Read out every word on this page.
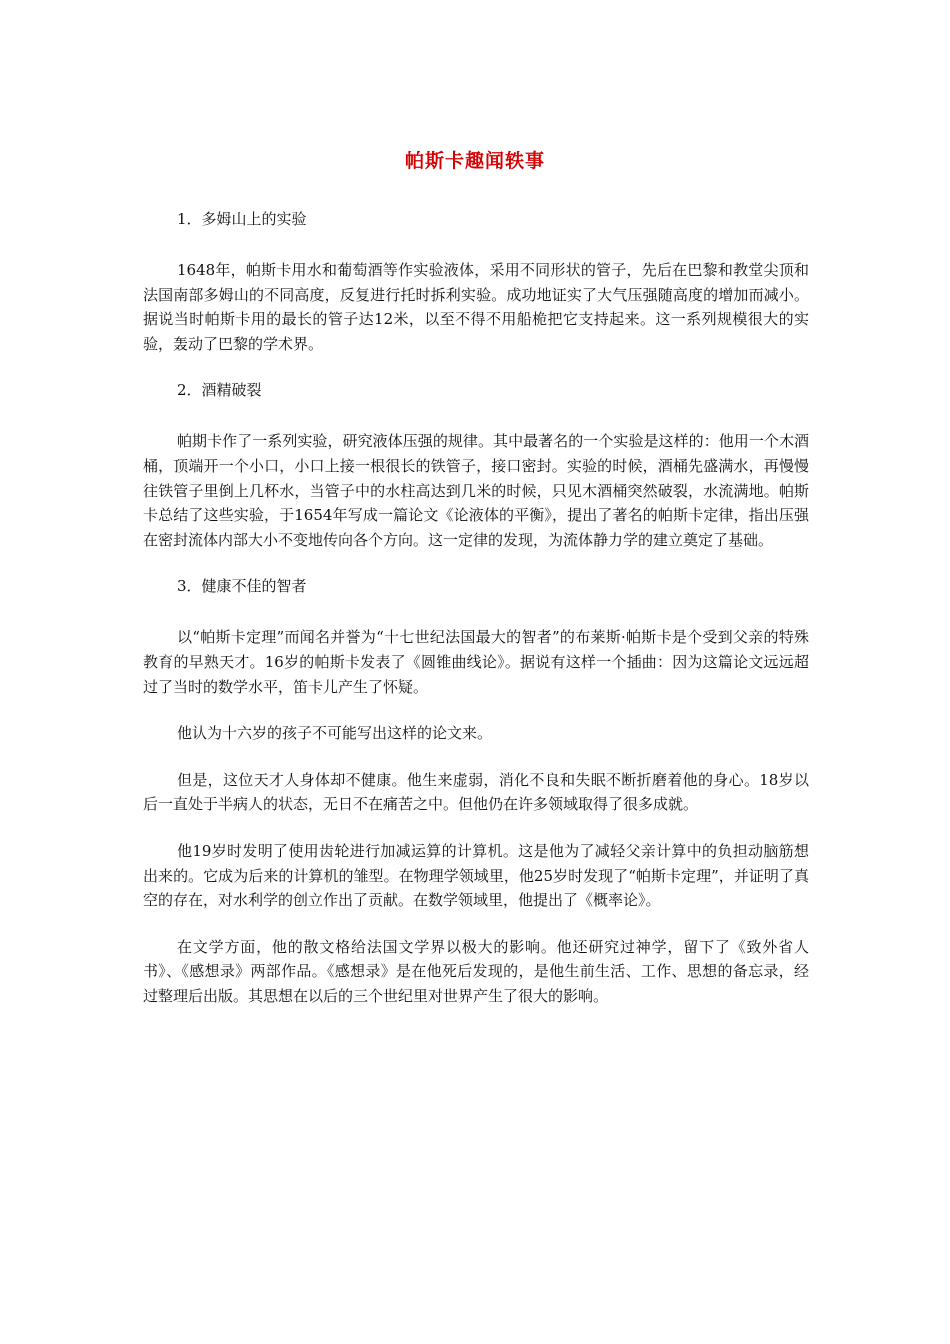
帕斯卡趣闻轶事
1．多姆山上的实验

1648年，帕斯卡用水和葡萄酒等作实验液体，采用不同形状的管子，先后在巴黎和教堂尖顶和法国南部多姆山的不同高度，反复进行托时拆利实验。成功地证实了大气压强随高度的增加而减小。据说当时帕斯卡用的最长的管子达12米，以至不得不用船桅把它支持起来。这一系列规模很大的实验，轰动了巴黎的学术界。

2．酒精破裂

帕期卡作了一系列实验，研究液体压强的规律。其中最著名的一个实验是这样的：他用一个木酒桶，顶端开一个小口，小口上接一根很长的铁管子，接口密封。实验的时候，酒桶先盛满水，再慢慢往铁管子里倒上几杯水，当管子中的水柱高达到几米的时候，只见木酒桶突然破裂，水流满地。帕斯卡总结了这些实验，于1654年写成一篇论文《论液体的平衡》，提出了著名的帕斯卡定律，指出压强在密封流体内部大小不变地传向各个方向。这一定律的发现，为流体静力学的建立奠定了基础。

3．健康不佳的智者

以“帕斯卡定理”而闻名并誉为“十七世纪法国最大的智者”的布莱斯·帕斯卡是个受到父亲的特殊教育的早熟天才。16岁的帕斯卡发表了《圆锥曲线论》。据说有这样一个插曲：因为这篇论文远远超过了当时的数学水平，笛卡儿产生了怀疑。

他认为十六岁的孩子不可能写出这样的论文来。

但是，这位天才人身体却不健康。他生来虚弱，消化不良和失眠不断折磨着他的身心。18岁以后一直处于半病人的状态，无日不在痛苦之中。但他仍在许多领域取得了很多成就。

他19岁时发明了使用齿轮进行加减运算的计算机。这是他为了减轻父亲计算中的负担动脑筋想出来的。它成为后来的计算机的雏型。在物理学领域里，他25岁时发现了“帕斯卡定理”，并证明了真空的存在，对水利学的创立作出了贡献。在数学领域里，他提出了《概率论》。

在文学方面，他的散文格给法国文学界以极大的影响。他还研究过神学，留下了《致外省人书》、《感想录》两部作品。《感想录》是在他死后发现的，是他生前生活、工作、思想的备忘录，经过整理后出版。其思想在以后的三个世纪里对世界产生了很大的影响。
